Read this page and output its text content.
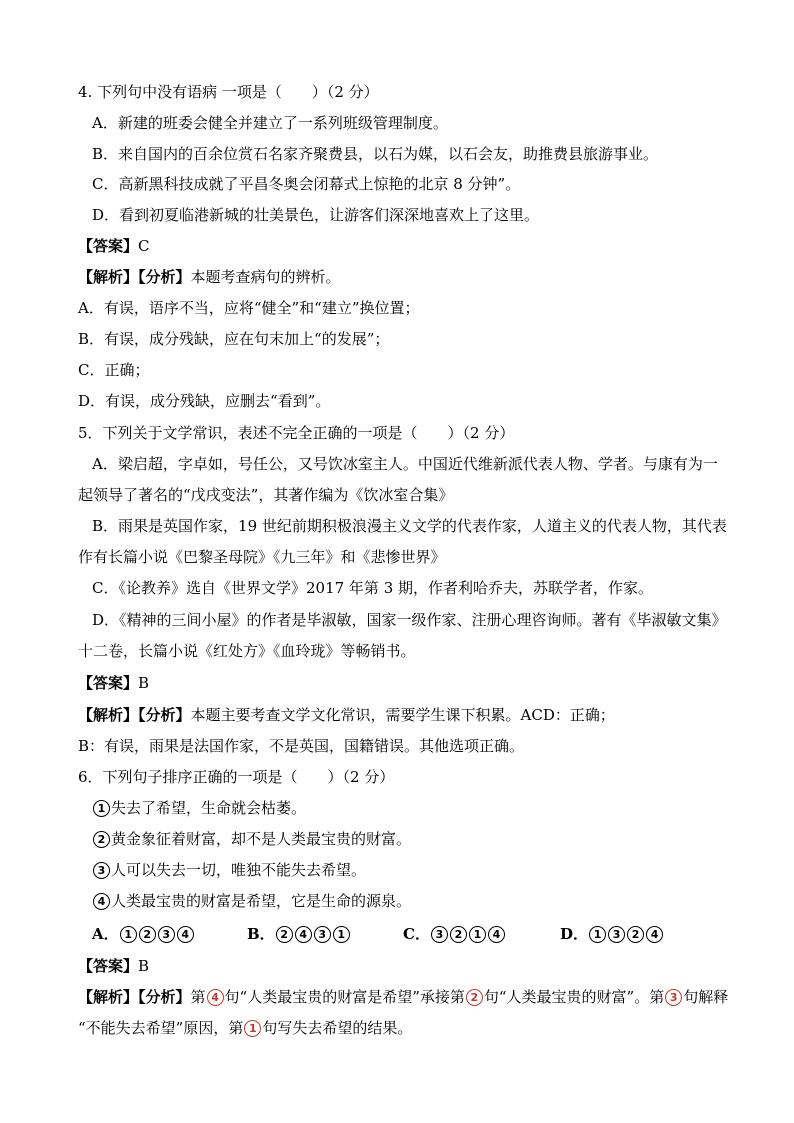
4. 下列句中没有语病 一项是（　　）（2 分）
A．新建的班委会健全并建立了一系列班级管理制度。
B．来自国内的百余位赏石名家齐聚费县，以石为媒，以石会友，助推费县旅游事业。
C．高新黑科技成就了平昌冬奥会闭幕式上惊艳的北京 8 分钟”。
D．看到初夏临港新城的壮美景色，让游客们深深地喜欢上了这里。
【答案】C
【解析】【分析】本题考查病句的辨析。
A．有误，语序不当，应将“健全”和“建立”换位置；
B．有误，成分残缺，应在句末加上“的发展”；
C．正确；
D．有误，成分残缺，应删去“看到”。
5．下列关于文学常识，表述不完全正确的一项是（　　）（2 分）
A．梁启超，字卓如，号任公，又号饮冰室主人。中国近代维新派代表人物、学者。与康有为一
起领导了著名的“戊戌变法”，其著作编为《饮冰室合集》
B．雨果是英国作家，19 世纪前期积极浪漫主义文学的代表作家，人道主义的代表人物，其代表
作有长篇小说《巴黎圣母院》《九三年》和《悲惨世界》
C．《论教养》选自《世界文学》2017 年第 3 期，作者利哈乔夫，苏联学者，作家。
D．《精神的三间小屋》的作者是毕淑敏，国家一级作家、注册心理咨询师。著有《毕淑敏文集》
十二卷，长篇小说《红处方》《血玲珑》等畅销书。
【答案】B
【解析】【分析】本题主要考查文学文化常识，需要学生课下积累。ACD：正确；
B：有误，雨果是法国作家，不是英国，国籍错误。其他选项正确。
6．下列句子排序正确的一项是（　　）（2 分）
1 失去了希望，生命就会枯萎。
2 黄金象征着财富，却不是人类最宝贵的财富。
3 人可以失去一切，唯独不能失去希望。
4 人类最宝贵的财富是希望，它是生命的源泉。
A． 1 2 3 4	B． 2 4 3 1	C． 3 2 1 4	D． 1 3 2 4
【答案】B
【解析】【分析】第 4 句“人类最宝贵的财富是希望”承接第 2 句“人类最宝贵的财富”。第 3 句解释
“不能失去希望”原因，第 1 句写失去希望的结果。
